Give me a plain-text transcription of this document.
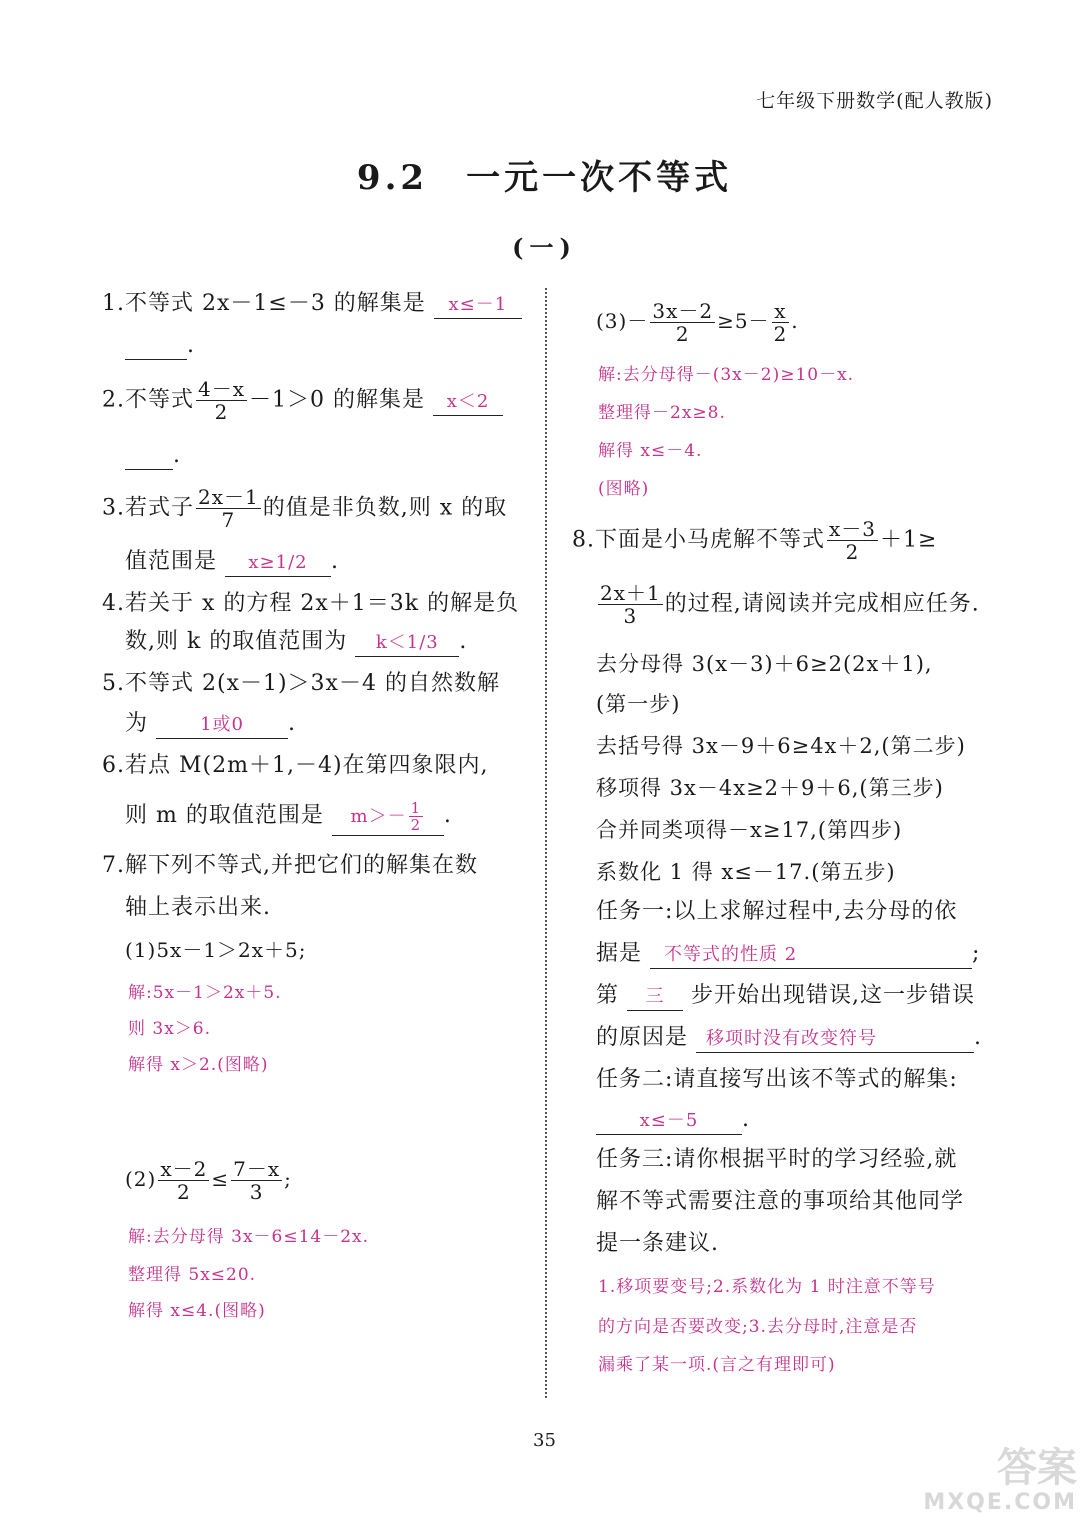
七年级下册数学(配人教版)
9.2　一元一次不等式
(一)
1.不等式 2x－1≤－3 的解集是 x≤－1
.
2.不等式 $\frac{4-x}{2} -1>0$ 的解集是 x＜2
.
3.若式子 $\frac{2x-1}{7}$ 的值是非负数,则 x 的取
值范围是 x≥1/2 .
4.若关于 x 的方程 2x＋1＝3k 的解是负
数,则 k 的取值范围为 k＜1/3 .
5.不等式 2(x－1)＞3x－4 的自然数解
为	1或0 .
6.若点 M(2m＋1,－4)在第四象限内,
则 m 的取值范围是 $m>- \frac{1}{2}$ .
7.解下列不等式,并把它们的解集在数
轴上表示出来.
(1)5x－1＞2x＋5;
解:5x－1＞2x＋5.
则 3x＞6.
解得 x＞2.(图略)
$(2) \frac{x-2}{2} \le \frac{7-x}{3}$ ;
解:去分母得 3x－6≤14－2x.
整理得 5x≤20.
解得 x≤4.(图略)
$(3)- \frac{3x-2}{2} \ge 5- \frac{x}{2}$ .
解:去分母得－(3x－2)≥10－x.
整理得－2x≥8.
解得 x≤－4.
(图略)
8.下面是小马虎解不等式 $\frac{x-3}{2} +1\ge$
$\frac{2x+1}{3}$ 的过程,请阅读并完成相应任务.
去分母得 3(x－3)＋6≥2(2x＋1),
(第一步)
去括号得 3x－9＋6≥4x＋2,(第二步)
移项得 3x－4x≥2＋9＋6,(第三步)
合并同类项得－x≥17,(第四步)
系数化 1 得 x≤－17.(第五步)
任务一:以上求解过程中,去分母的依
据是 不等式的性质 2	;
第 三 步开始出现错误,这一步错误
的原因是 移项时没有改变符号	.
任务二:请直接写出该不等式的解集:
x≤－5 .
任务三:请你根据平时的学习经验,就
解不等式需要注意的事项给其他同学
提一条建议.
1.移项要变号;2.系数化为 1 时注意不等号
的方向是否要改变;3.去分母时,注意是否
漏乘了某一项.(言之有理即可)
35
答案
MXQE.COM
